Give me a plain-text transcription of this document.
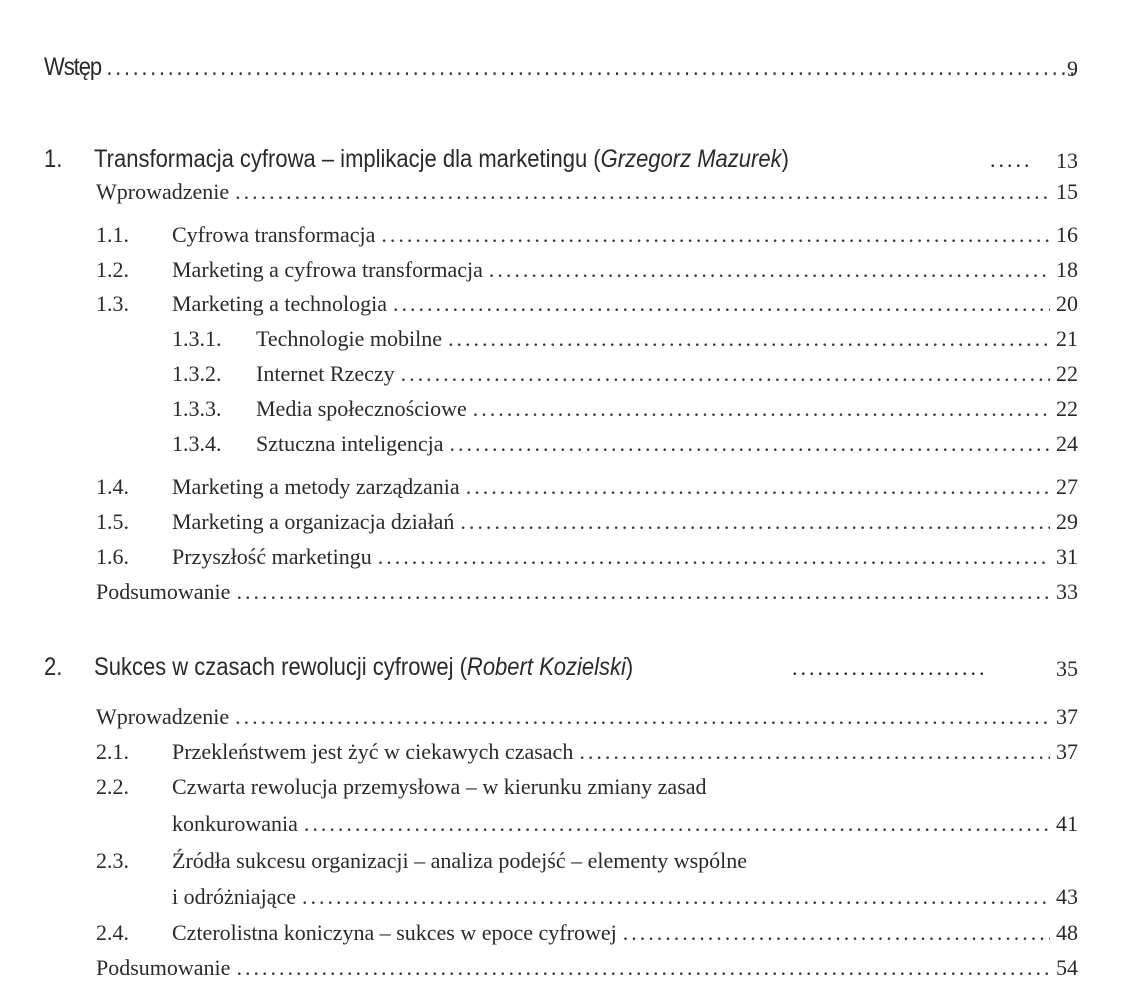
Wstęp .....	9
1. Transformacja cyfrowa – implikacje dla marketingu (Grzegorz Mazurek)	.....	13
Wprowadzenie .....	15
1.1.	Cyfrowa transformacja .....	16
1.2.	Marketing a cyfrowa transformacja .....	18
1.3.	Marketing a technologia .....	20
1.3.1.	Technologie mobilne .....	21
1.3.2.	Internet Rzeczy .....	22
1.3.3.	Media społecznościowe .....	22
1.3.4.	Sztuczna inteligencja .....	24
1.4.	Marketing a metody zarządzania .....	27
1.5.	Marketing a organizacja działań .....	29
1.6.	Przyszłość marketingu .....	31
Podsumowanie .....	33
2. Sukces w czasach rewolucji cyfrowej (Robert Kozielski)	.......................	35
Wprowadzenie .....	37
2.1.	Przekleństwem jest żyć w ciekawych czasach .....	37
2.2. Czwarta rewolucja przemysłowa – w kierunku zmiany zasad
konkurowania .....	41
2.3. Źródła sukcesu organizacji – analiza podejść – elementy wspólne
i odróżniające .....	43
2.4.	Czterolistna koniczyna – sukces w epoce cyfrowej .....	48
Podsumowanie .....	54
